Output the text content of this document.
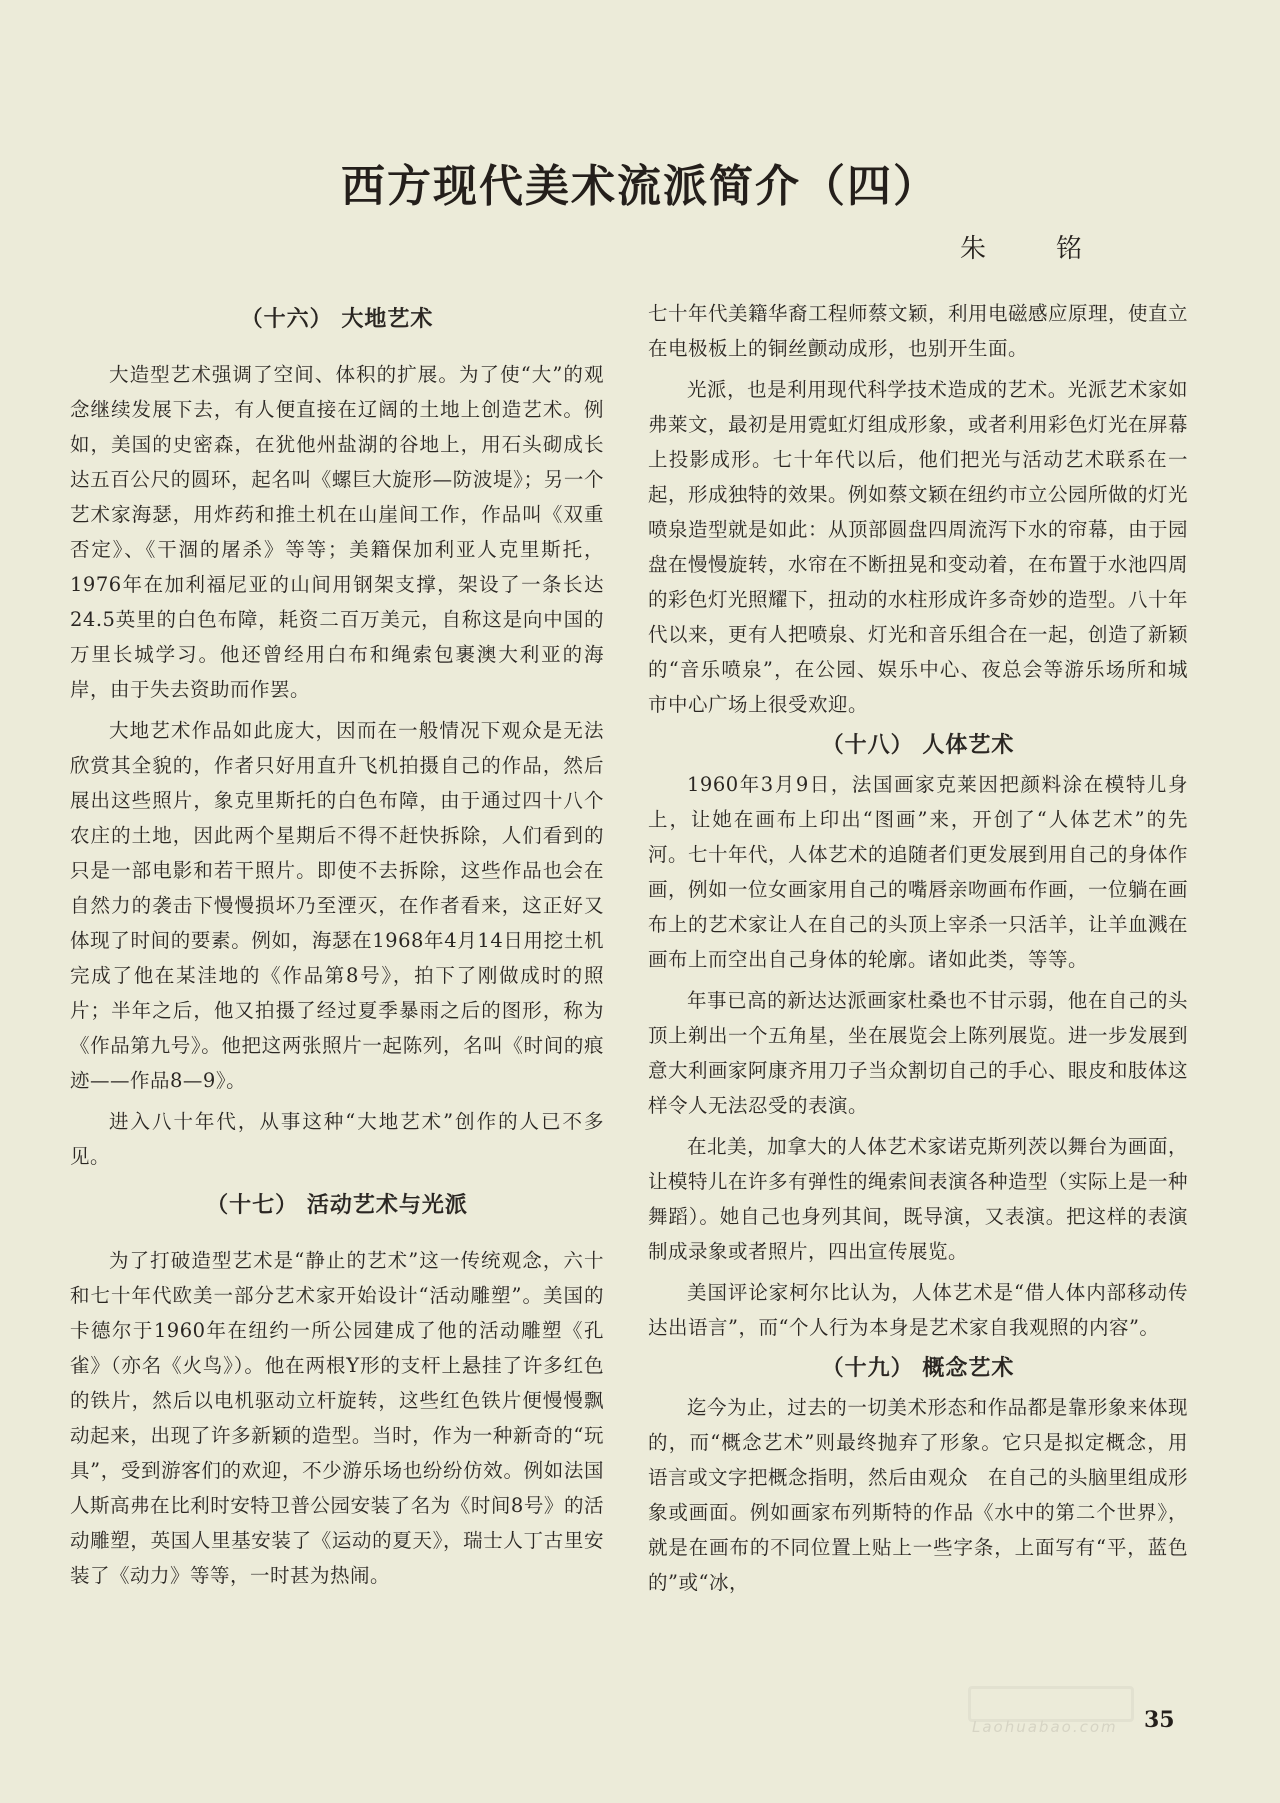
西方现代美术流派简介（四）
朱　铭
（十六） 大地艺术

大造型艺术强调了空间、体积的扩展。为了使“大”的观念继续发展下去，有人便直接在辽阔的土地上创造艺术。例如，美国的史密森，在犹他州盐湖的谷地上，用石头砌成长达五百公尺的圆环，起名叫《螺巨大旋形—防波堤》；另一个艺术家海瑟，用炸药和推土机在山崖间工作，作品叫《双重否定》、《干涸的屠杀》等等；美籍保加利亚人克里斯托，1976年在加利福尼亚的山间用钢架支撑，架设了一条长达24.5英里的白色布障，耗资二百万美元，自称这是向中国的万里长城学习。他还曾经用白布和绳索包裹澳大利亚的海岸，由于失去资助而作罢。

大地艺术作品如此庞大，因而在一般情况下观众是无法欣赏其全貌的，作者只好用直升飞机拍摄自己的作品，然后展出这些照片，象克里斯托的白色布障，由于通过四十八个农庄的土地，因此两个星期后不得不赶快拆除，人们看到的只是一部电影和若干照片。即使不去拆除，这些作品也会在自然力的袭击下慢慢损坏乃至湮灭，在作者看来，这正好又体现了时间的要素。例如，海瑟在1968年4月14日用挖土机完成了他在某洼地的《作品第8号》，拍下了刚做成时的照片；半年之后，他又拍摄了经过夏季暴雨之后的图形，称为《作品第九号》。他把这两张照片一起陈列，名叫《时间的痕迹——作品8—9》。

进入八十年代，从事这种“大地艺术”创作的人已不多见。

（十七） 活动艺术与光派

为了打破造型艺术是“静止的艺术”这一传统观念，六十和七十年代欧美一部分艺术家开始设计“活动雕塑”。美国的卡德尔于1960年在纽约一所公园建成了他的活动雕塑《孔雀》（亦名《火鸟》）。他在两根Y形的支杆上悬挂了许多红色的铁片，然后以电机驱动立杆旋转，这些红色铁片便慢慢飘动起来，出现了许多新颖的造型。当时，作为一种新奇的“玩具”，受到游客们的欢迎，不少游乐场也纷纷仿效。例如法国人斯高弗在比利时安特卫普公园安装了名为《时间8号》的活动雕塑，英国人里基安装了《运动的夏天》，瑞士人丁古里安装了《动力》等等，一时甚为热闹。

七十年代美籍华裔工程师蔡文颖，利用电磁感应原理，使直立在电极板上的铜丝颤动成形，也别开生面。

光派，也是利用现代科学技术造成的艺术。光派艺术家如弗莱文，最初是用霓虹灯组成形象，或者利用彩色灯光在屏幕上投影成形。七十年代以后，他们把光与活动艺术联系在一起，形成独特的效果。例如蔡文颖在纽约市立公园所做的灯光喷泉造型就是如此：从顶部圆盘四周流泻下水的帘幕，由于园盘在慢慢旋转，水帘在不断扭晃和变动着，在布置于水池四周的彩色灯光照耀下，扭动的水柱形成许多奇妙的造型。八十年代以来，更有人把喷泉、灯光和音乐组合在一起，创造了新颖的“音乐喷泉”，在公园、娱乐中心、夜总会等游乐场所和城市中心广场上很受欢迎。

（十八） 人体艺术

1960年3月9日，法国画家克莱因把颜料涂在模特儿身上，让她在画布上印出“图画”来，开创了“人体艺术”的先河。七十年代，人体艺术的追随者们更发展到用自己的身体作画，例如一位女画家用自己的嘴唇亲吻画布作画，一位躺在画布上的艺术家让人在自己的头顶上宰杀一只活羊，让羊血溅在画布上而空出自己身体的轮廓。诸如此类，等等。

年事已高的新达达派画家杜桑也不甘示弱，他在自己的头顶上剃出一个五角星，坐在展览会上陈列展览。进一步发展到意大利画家阿康齐用刀子当众割切自己的手心、眼皮和肢体这样令人无法忍受的表演。

在北美，加拿大的人体艺术家诺克斯列茨以舞台为画面，让模特儿在许多有弹性的绳索间表演各种造型（实际上是一种舞蹈）。她自己也身列其间，既导演，又表演。把这样的表演制成录象或者照片，四出宣传展览。

美国评论家柯尔比认为，人体艺术是“借人体内部移动传达出语言”，而“个人行为本身是艺术家自我观照的内容”。

（十九） 概念艺术

迄今为止，过去的一切美术形态和作品都是靠形象来体现的，而“概念艺术”则最终抛弃了形象。它只是拟定概念，用语言或文字把概念指明，然后由观众　在自己的头脑里组成形象或画面。例如画家布列斯特的作品《水中的第二个世界》，就是在画布的不同位置上贴上一些字条，上面写有“平，蓝色的”或“冰，

Laohuabao.com 35
